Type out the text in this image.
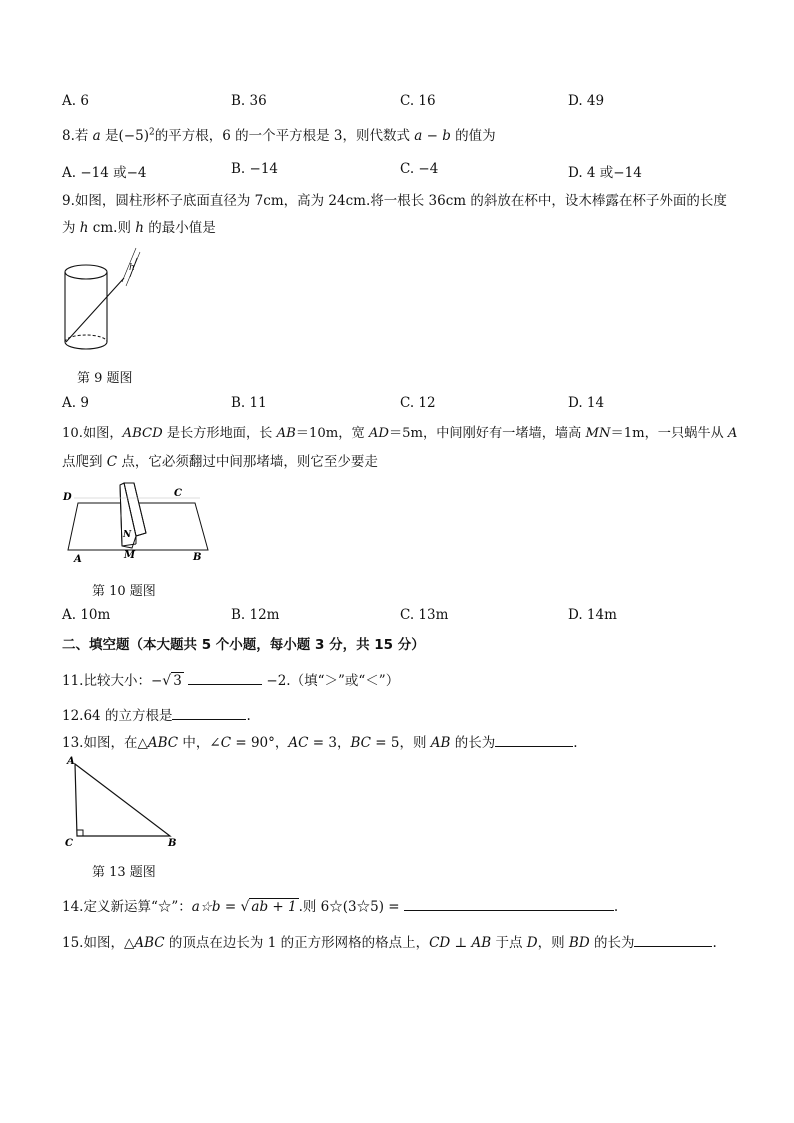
A. 6	B. 36	C. 16	D. 49
8.若 a 是$(-5)^2$的平方根，6 的一个平方根是 3，则代数式 a − b 的值为
A. −14 或−4	B. −14	C. −4	D. 4 或−14
9.如图，圆柱形杯子底面直径为 7cm，高为 24cm.将一根长 36cm 的斜放在杯中，设木棒露在杯子外面的长度
为 h cm.则 h 的最小值是
h
第 9 题图
A. 9	B. 11	C. 12	D. 14
10.如图，ABCD 是长方形地面，长 AB＝10m，宽 AD＝5m，中间刚好有一堵墙，墙高 MN＝1m，一只蜗牛从 A
点爬到 C 点，它必须翻过中间那堵墙，则它至少要走
D	C
N
A	M	B
第 10 题图
A. 10m	B. 12m	C. 13m	D. 14m
二、填空题（本大题共 5 个小题，每小题 3 分，共 15 分）
11.比较大小：−√ 3	−2.（填“＞”或“＜”）
12.64 的立方根是	.
13.如图，在△ABC 中，∠C = 90°，AC = 3，BC = 5，则 AB 的长为	.
A
C	B
第 13 题图
14.定义新运算“☆”：a☆b = √ ab + 1 .则 6☆(3☆5) =	.
15.如图，△ABC 的顶点在边长为 1 的正方形网格的格点上，CD ⊥ AB 于点 D，则 BD 的长为	.
